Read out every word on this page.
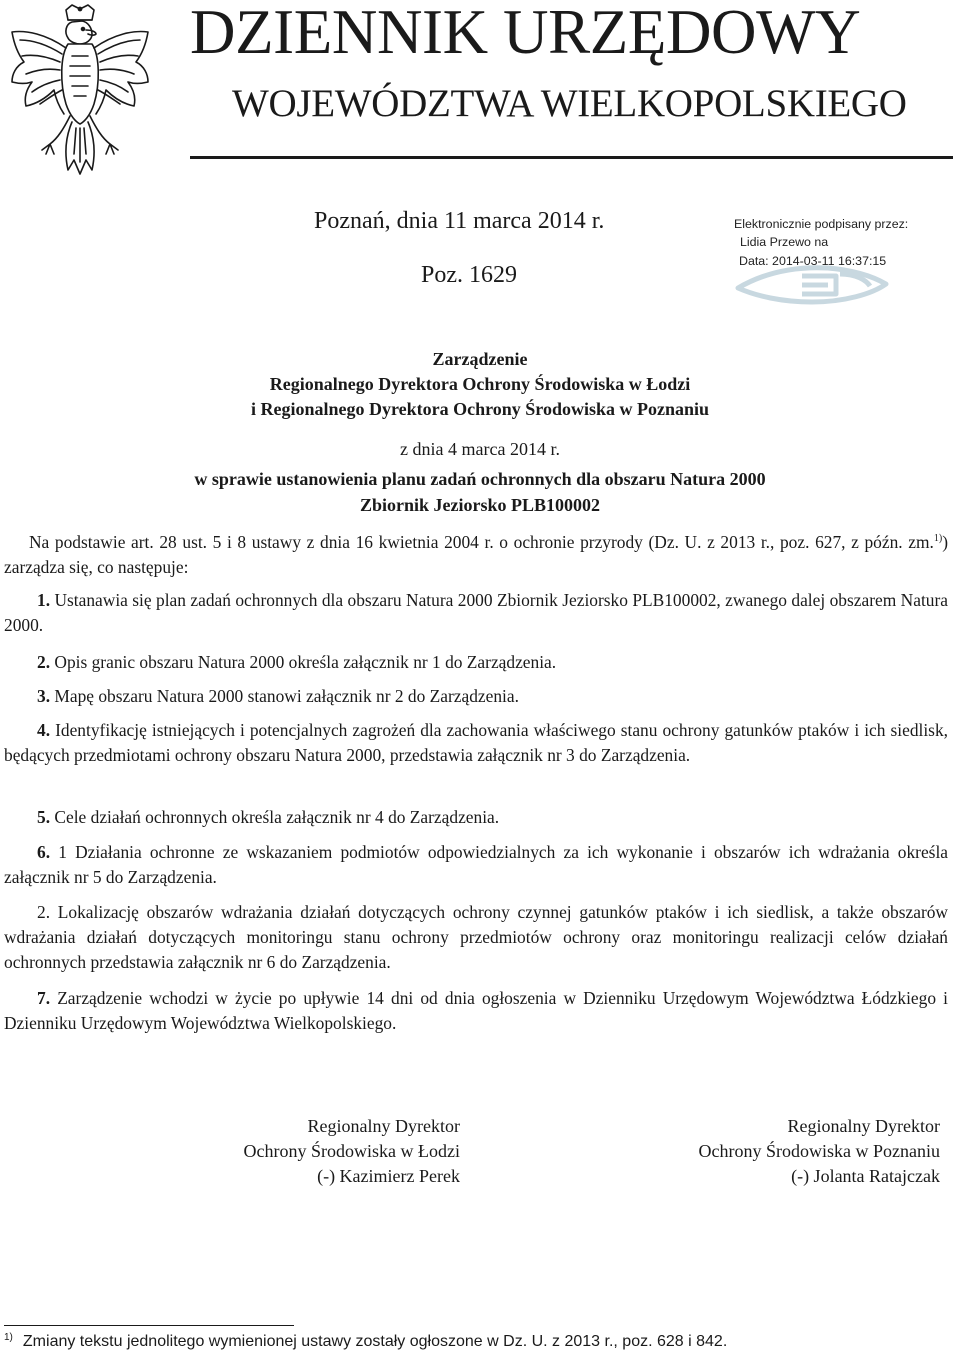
DZIENNIK URZĘDOWY
WOJEWÓDZTWA WIELKOPOLSKIEGO
Poznań, dnia 11 marca 2014 r.
Poz. 1629
Elektronicznie podpisany przez:
Lidia Przewo na
Data: 2014-03-11 16:37:15
Zarządzenie
Regionalnego Dyrektora Ochrony Środowiska w Łodzi
i Regionalnego Dyrektora Ochrony Środowiska w Poznaniu
z dnia 4 marca 2014 r.
w sprawie ustanowienia planu zadań ochronnych dla obszaru Natura 2000
Zbiornik Jeziorsko PLB100002
Na podstawie art. 28 ust. 5 i 8 ustawy z dnia 16 kwietnia 2004 r. o ochronie przyrody (Dz. U. z 2013 r., poz. 627, z późn. zm.$^{1)}$) zarządza się, co następuje:
1. Ustanawia się plan zadań ochronnych dla obszaru Natura 2000 Zbiornik Jeziorsko PLB100002, zwanego dalej obszarem Natura 2000.
2. Opis granic obszaru Natura 2000 określa załącznik nr 1 do Zarządzenia.
3. Mapę obszaru Natura 2000 stanowi załącznik nr 2 do Zarządzenia.
4. Identyfikację istniejących i potencjalnych zagrożeń dla zachowania właściwego stanu ochrony gatunków ptaków i ich siedlisk, będących przedmiotami ochrony obszaru Natura 2000, przedstawia załącznik nr 3 do Zarządzenia.
5. Cele działań ochronnych określa załącznik nr 4 do Zarządzenia.
6. 1 Działania ochronne ze wskazaniem podmiotów odpowiedzialnych za ich wykonanie i obszarów ich wdrażania określa załącznik nr 5 do Zarządzenia.
2. Lokalizację obszarów wdrażania działań dotyczących ochrony czynnej gatunków ptaków i ich siedlisk, a także obszarów wdrażania działań dotyczących monitoringu stanu ochrony przedmiotów ochrony oraz monitoringu realizacji celów działań ochronnych przedstawia załącznik nr 6 do Zarządzenia.
7. Zarządzenie wchodzi w życie po upływie 14 dni od dnia ogłoszenia w Dzienniku Urzędowym Województwa Łódzkiego i Dzienniku Urzędowym Województwa Wielkopolskiego.
Regionalny Dyrektor
Ochrony Środowiska w Łodzi
(-) Kazimierz Perek
Regionalny Dyrektor
Ochrony Środowiska w Poznaniu
(-) Jolanta Ratajczak
$^{1)}$ Zmiany tekstu jednolitego wymienionej ustawy zostały ogłoszone w Dz. U. z 2013 r., poz. 628 i 842.
